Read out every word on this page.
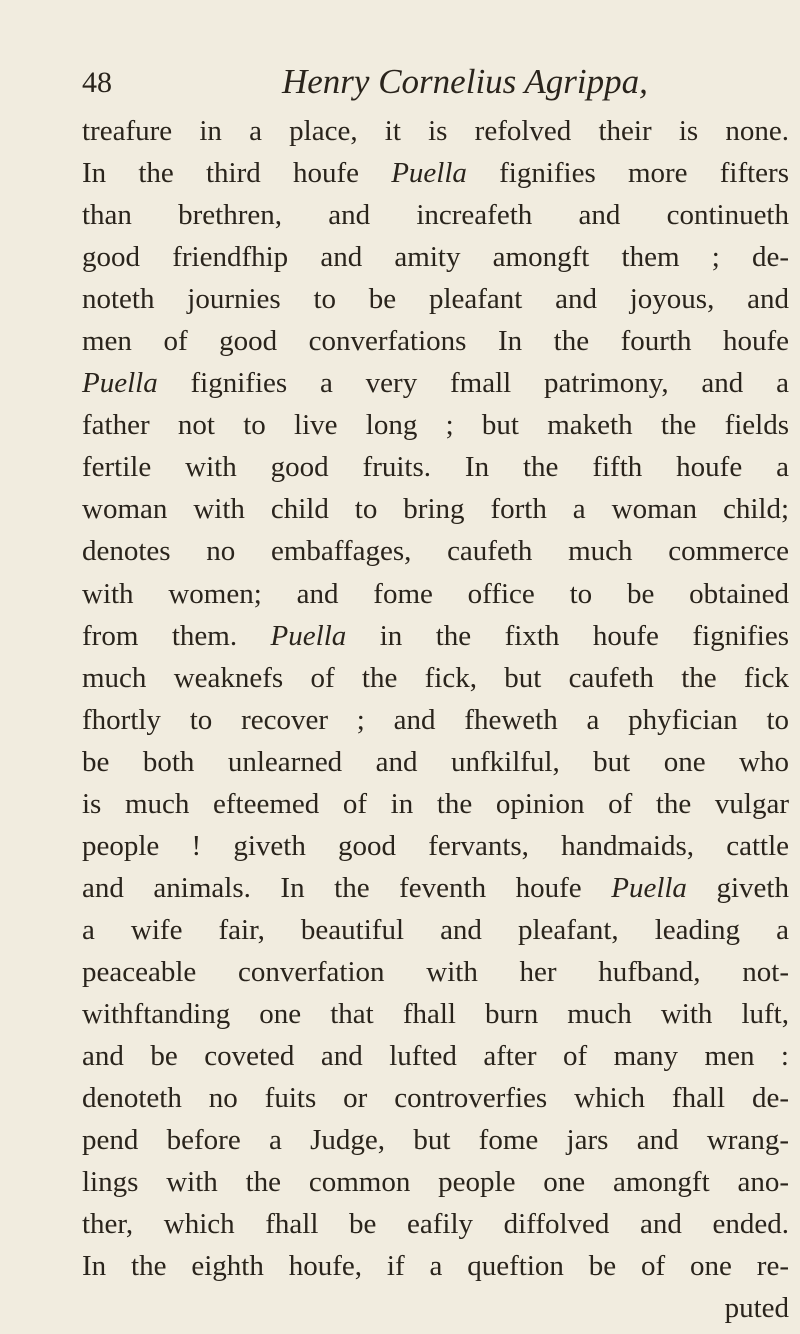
48	Henry Cornelius Agrippa,
treafure in a place, it is refolved their is none.
In the third houfe Puella fignifies more fifters
than brethren, and increafeth and continueth
good friendfhip and amity amongft them ; de-
noteth journies to be pleafant and joyous, and
men of good converfations In the fourth houfe
Puella fignifies a very fmall patrimony, and a
father not to live long ; but maketh the fields
fertile with good fruits. In the fifth houfe a
woman with child to bring forth a woman child;
denotes no embaffages, caufeth much commerce
with women; and fome office to be obtained
from them. Puella in the fixth houfe fignifies
much weaknefs of the fick, but caufeth the fick
fhortly to recover ; and fheweth a phyfician to
be both unlearned and unfkilful, but one who
is much efteemed of in the opinion of the vulgar
people ! giveth good fervants, handmaids, cattle
and animals. In the feventh houfe Puella giveth
a wife fair, beautiful and pleafant, leading a
peaceable converfation with her hufband, not-
withftanding one that fhall burn much with luft,
and be coveted and lufted after of many men :
denoteth no fuits or controverfies which fhall de-
pend before a Judge, but fome jars and wrang-
lings with the common people one amongft ano-
ther, which fhall be eafily diffolved and ended.
In the eighth houfe, if a queftion be of one re-
puted
